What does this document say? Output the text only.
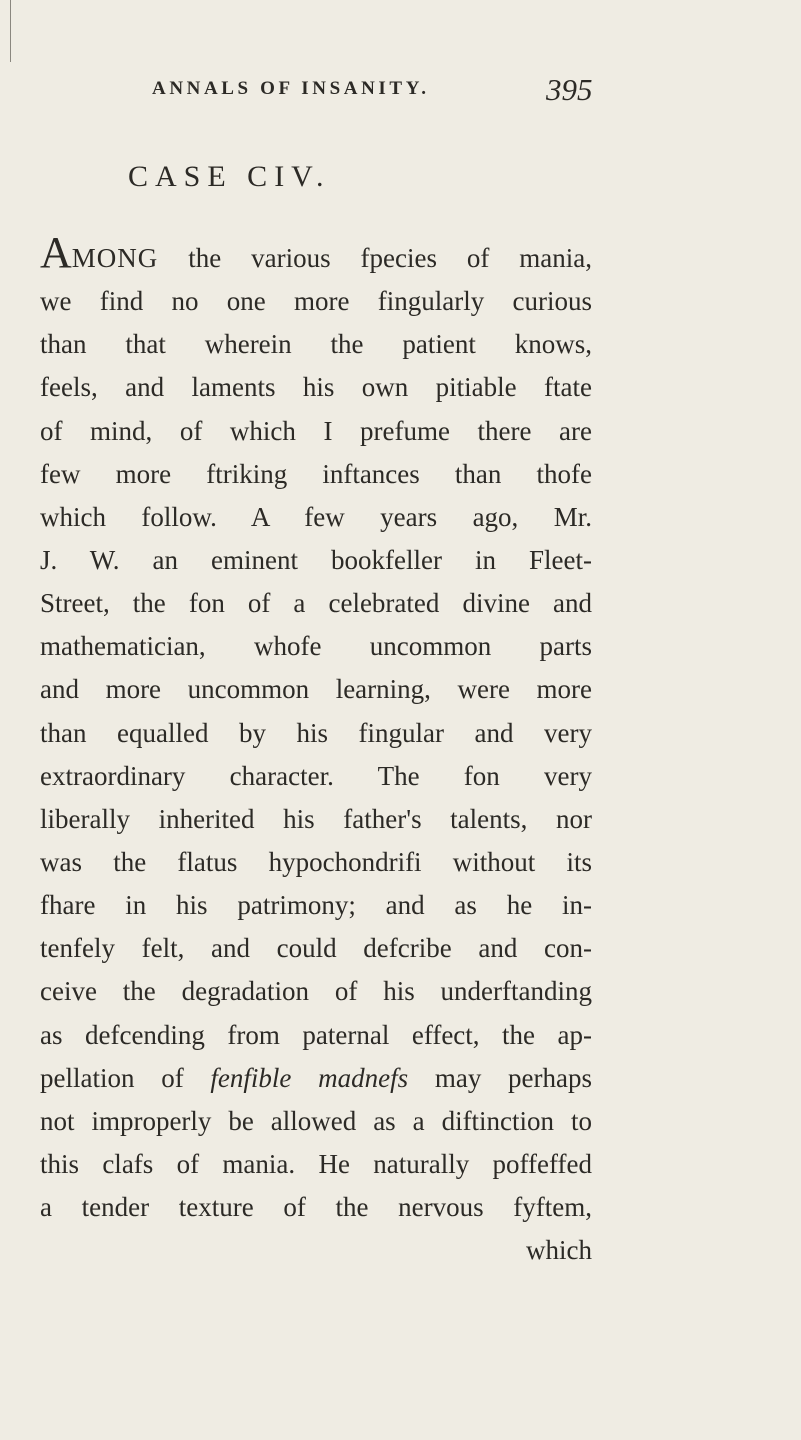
ANNALS OF INSANITY.	395
CASE CIV.
AMONG the various fpecies of mania,
we find no one more fingularly curious
than that wherein the patient knows,
feels, and laments his own pitiable ftate
of mind, of which I prefume there are
few more ftriking inftances than thofe
which follow. A few years ago, Mr.
J. W. an eminent bookfeller in Fleet-
Street, the fon of a celebrated divine and
mathematician, whofe uncommon parts
and more uncommon learning, were more
than equalled by his fingular and very
extraordinary character. The fon very
liberally inherited his father's talents, nor
was the flatus hypochondrifi without its
fhare in his patrimony; and as he in-
tenfely felt, and could defcribe and con-
ceive the degradation of his underftanding
as defcending from paternal effect, the ap-
pellation of fenfible madnefs may perhaps
not improperly be allowed as a diftinction to
this clafs of mania. He naturally poffeffed
a tender texture of the nervous fyftem,
which
